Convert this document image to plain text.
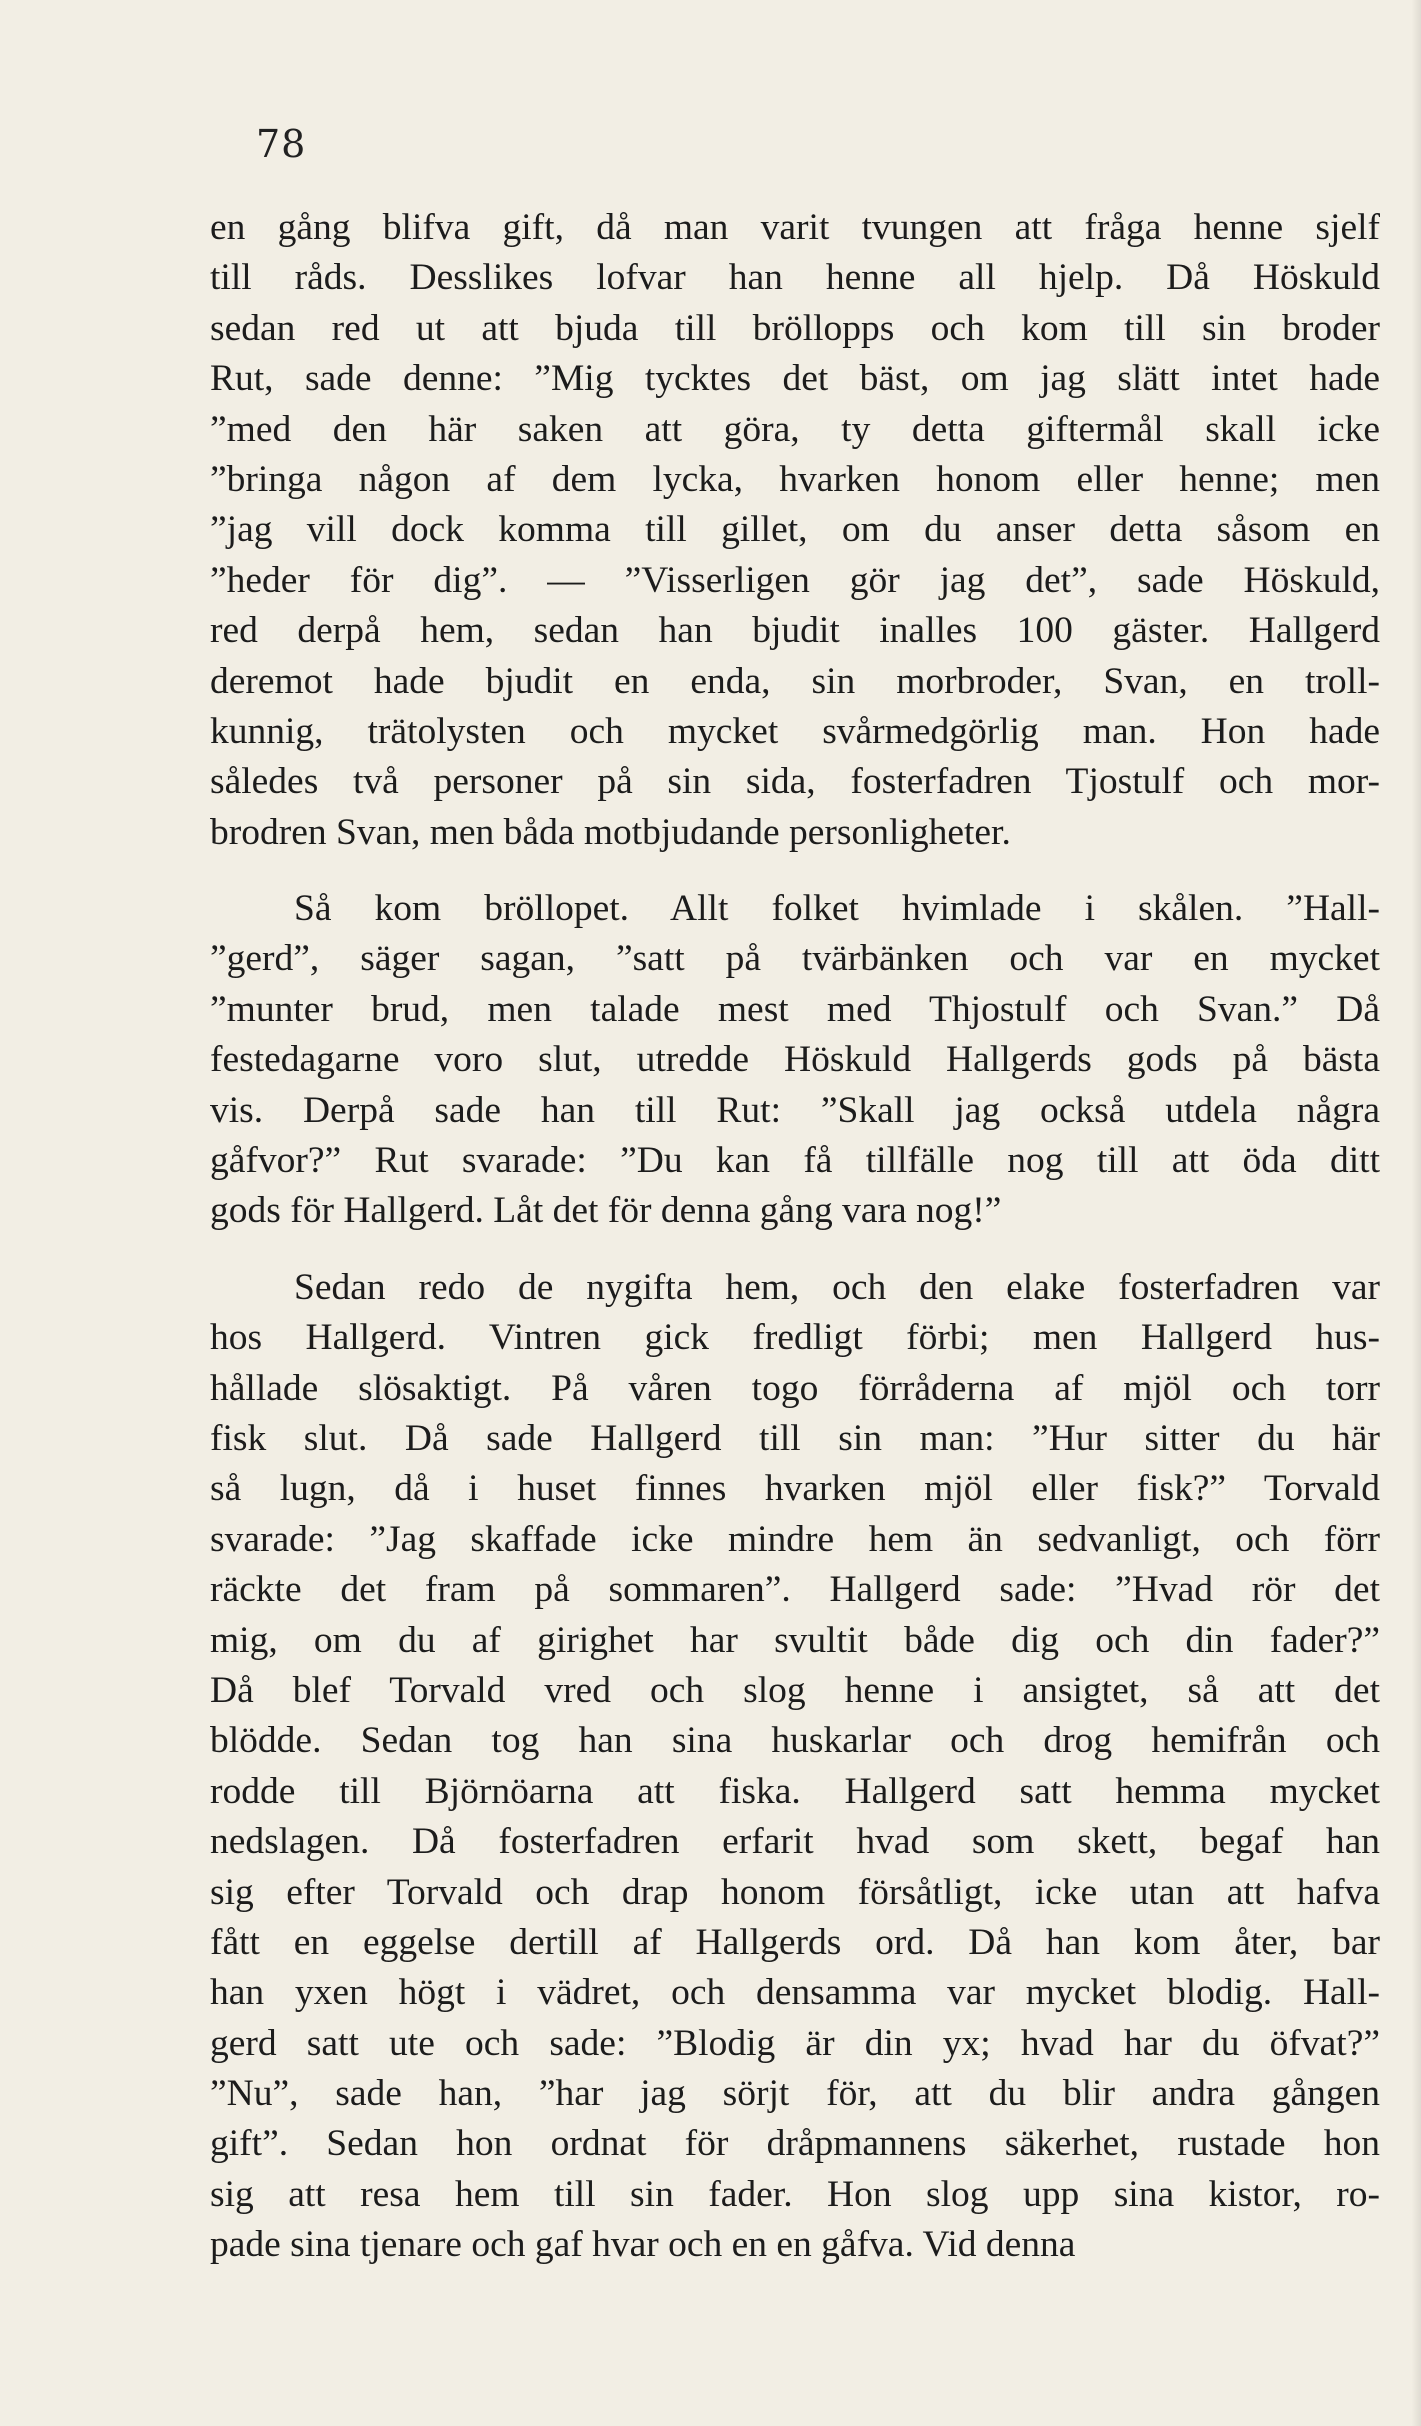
78
en gång blifva gift, då man varit tvungen att fråga henne sjelf
till råds. Desslikes lofvar han henne all hjelp. Då Höskuld
sedan red ut att bjuda till bröllopps och kom till sin broder
Rut, sade denne: ”Mig tycktes det bäst, om jag slätt intet hade
”med den här saken att göra, ty detta giftermål skall icke
”bringa någon af dem lycka, hvarken honom eller henne; men
”jag vill dock komma till gillet, om du anser detta såsom en
”heder för dig”. — ”Visserligen gör jag det”, sade Höskuld,
red derpå hem, sedan han bjudit inalles 100 gäster. Hallgerd
deremot hade bjudit en enda, sin morbroder, Svan, en troll-
kunnig, trätolysten och mycket svårmedgörlig man. Hon hade
således två personer på sin sida, fosterfadren Tjostulf och mor-
brodren Svan, men båda motbjudande personligheter.
Så kom bröllopet. Allt folket hvimlade i skålen. ”Hall-
”gerd”, säger sagan, ”satt på tvärbänken och var en mycket
”munter brud, men talade mest med Thjostulf och Svan.” Då
festedagarne voro slut, utredde Höskuld Hallgerds gods på bästa
vis. Derpå sade han till Rut: ”Skall jag också utdela några
gåfvor?” Rut svarade: ”Du kan få tillfälle nog till att öda ditt
gods för Hallgerd. Låt det för denna gång vara nog!”
Sedan redo de nygifta hem, och den elake fosterfadren var
hos Hallgerd. Vintren gick fredligt förbi; men Hallgerd hus-
hållade slösaktigt. På våren togo förråderna af mjöl och torr
fisk slut. Då sade Hallgerd till sin man: ”Hur sitter du här
så lugn, då i huset finnes hvarken mjöl eller fisk?” Torvald
svarade: ”Jag skaffade icke mindre hem än sedvanligt, och förr
räckte det fram på sommaren”. Hallgerd sade: ”Hvad rör det
mig, om du af girighet har svultit både dig och din fader?”
Då blef Torvald vred och slog henne i ansigtet, så att det
blödde. Sedan tog han sina huskarlar och drog hemifrån och
rodde till Björnöarna att fiska. Hallgerd satt hemma mycket
nedslagen. Då fosterfadren erfarit hvad som skett, begaf han
sig efter Torvald och drap honom försåtligt, icke utan att hafva
fått en eggelse dertill af Hallgerds ord. Då han kom åter, bar
han yxen högt i vädret, och densamma var mycket blodig. Hall-
gerd satt ute och sade: ”Blodig är din yx; hvad har du öfvat?”
”Nu”, sade han, ”har jag sörjt för, att du blir andra gången
gift”. Sedan hon ordnat för dråpmannens säkerhet, rustade hon
sig att resa hem till sin fader. Hon slog upp sina kistor, ro-
pade sina tjenare och gaf hvar och en en gåfva. Vid denna
